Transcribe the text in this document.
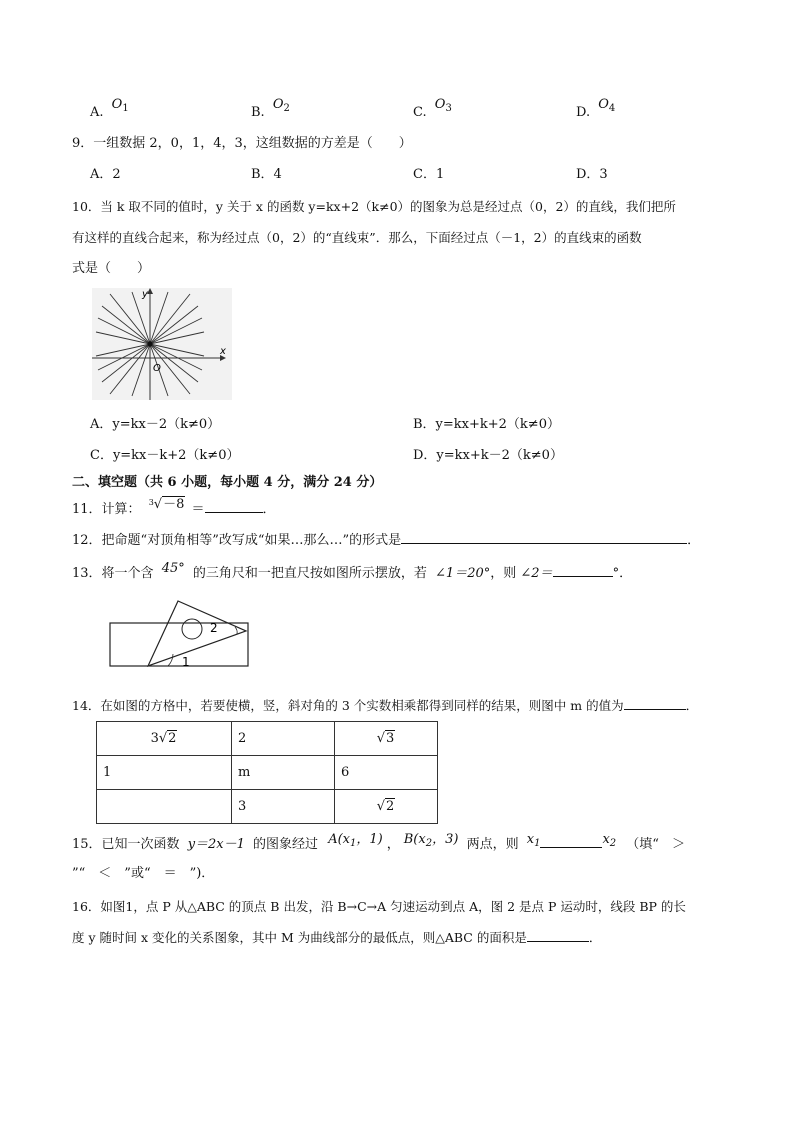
A. $O^1$	B. $O^2$	C. $O^3$	D. $O^4$
9．一组数据 2，0，1，4，3，这组数据的方差是（　　）
A．2	B．4	C．1	D．3
10．当 k 取不同的值时，y 关于 x 的函数 y=kx+2（k≠0）的图象为总是经过点（0，2）的直线，我们把所
有这样的直线合起来，称为经过点（0，2）的“直线束”．那么，下面经过点（－1，2）的直线束的函数
式是（　　）
x
y
O
A．y=kx－2（k≠0）	B．y=kx+k+2（k≠0）
C．y=kx－k+2（k≠0）	D．y=kx+k－2（k≠0）
二、填空题（共 6 小题，每小题 4 分，满分 24 分）
11．计算： $^3$√－8 ＝	．
12．把命题“对顶角相等”改写成“如果…那么…”的形式是	．
13．将一个含 45° 的三角尺和一把直尺按如图所示摆放，若 ∠1＝20°，则 ∠2＝	°．
2
1
14．在如图的方格中，若要使横，竖，斜对角的 3 个实数相乘都得到同样的结果，则图中 m 的值为	．
3√2	2	√3
1	m	6
	3	√2
15．已知一次函数 y＝2x－1 的图象经过 $A(x_1$，1) ， $B(x_2$，3) 两点，则 $x_1$	$x_2$ （填“　＞
”“　＜　”或“　＝　”)．
16．如图1，点 P 从△ABC 的顶点 B 出发，沿 B→C→A 匀速运动到点 A，图 2 是点 P 运动时，线段 BP 的长
度 y 随时间 x 变化的关系图象，其中 M 为曲线部分的最低点，则△ABC 的面积是	．
